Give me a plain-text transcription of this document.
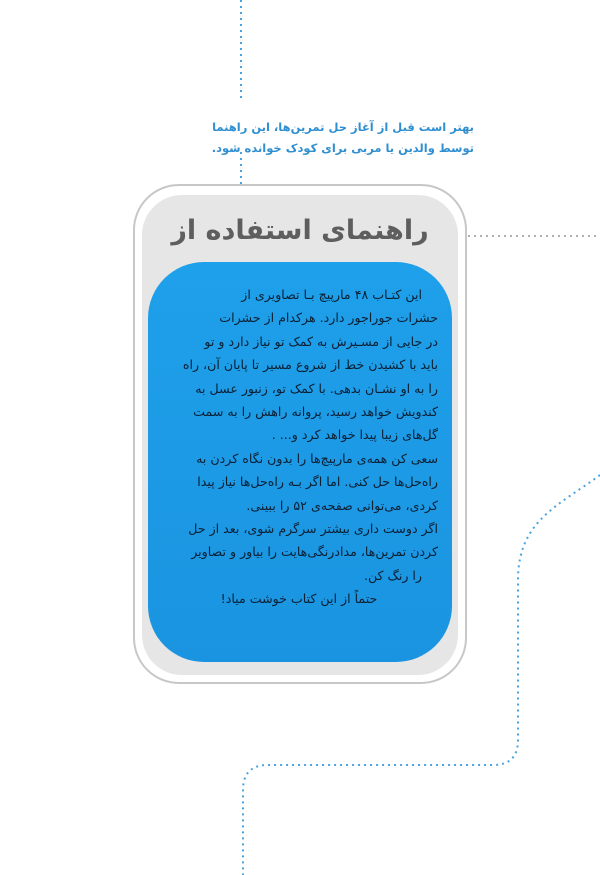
بهتر است قبل از آغاز حل تمرین‌ها، این راهنما
توسط والدین یا مربی برای کودک خوانده شود.
راهنمای استفاده از
این کتـاب ۴۸ مارپیچ بـا تصاویری از
حشرات جوراجور دارد. هرکدام از حشرات
در جایی از مسـیرش به کمک تو نیاز دارد و تو
باید با کشیدن خط از شروع مسیر تا پایان آن، راه
را به او نشـان بدهی. با کمک تو، زنبور عسل به
کندویش خواهد رسید، پروانه راهش را به سمت
گل‌های زیبا پیدا خواهد کرد و... .
سعی کن همه‌ی مارپیچ‌ها را بدون نگاه کردن به
راه‌حل‌ها حل کنی. اما اگر بـه راه‌حل‌ها نیاز پیدا
کردی، می‌توانی صفحه‌ی ۵۲ را ببینی.
اگر دوست داری بیشتر سرگرم شوی، بعد از حل
کردن تمرین‌ها، مدادرنگی‌هایت را بیاور و تصاویر
را رنگ کن.
حتماً از این کتاب خوشت میاد!
